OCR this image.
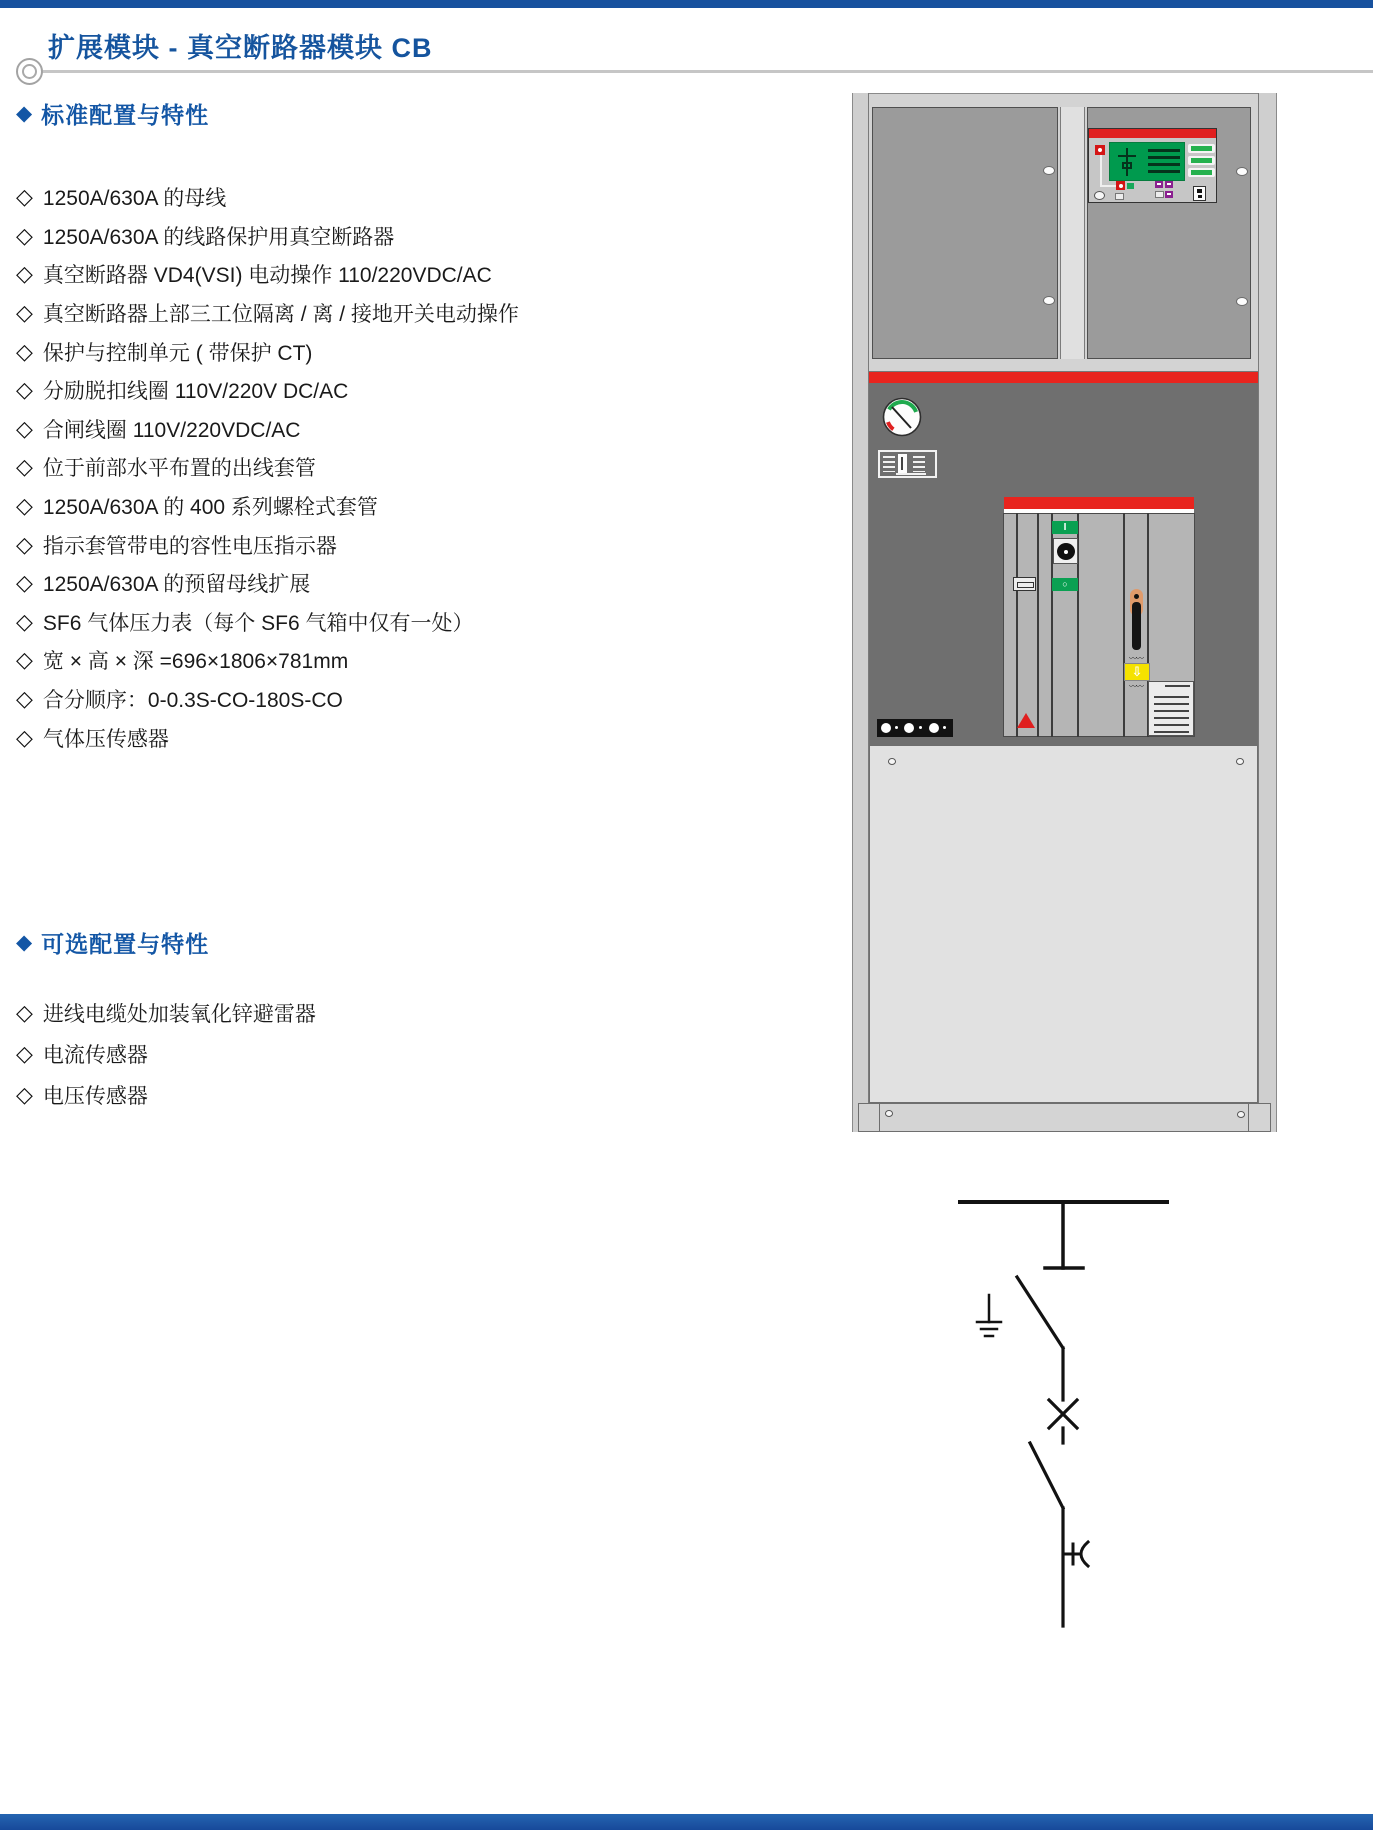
扩展模块 - 真空断路器模块 CB
◆ 标准配置与特性
◇ 1250A/630A 的母线
◇ 1250A/630A 的线路保护用真空断路器
◇ 真空断路器 VD4(VSI) 电动操作 110/220VDC/AC
◇ 真空断路器上部三工位隔离 / 离 / 接地开关电动操作
◇ 保护与控制单元 ( 带保护 CT)
◇ 分励脱扣线圈 110V/220V DC/AC
◇ 合闸线圈 110V/220VDC/AC
◇ 位于前部水平布置的出线套管
◇ 1250A/630A 的 400 系列螺栓式套管
◇ 指示套管带电的容性电压指示器
◇ 1250A/630A 的预留母线扩展
◇ SF6 气体压力表（每个 SF6 气箱中仅有一处）
◇ 宽 × 高 × 深 =696×1806×781mm
◇ 合分顺序：0-0.3S-CO-180S-CO
◇ 气体压传感器
◆ 可选配置与特性
◇ 进线电缆处加装氧化锌避雷器
◇ 电流传感器
◇ 电压传感器
I
○
〰〰
⇩
〰〰
